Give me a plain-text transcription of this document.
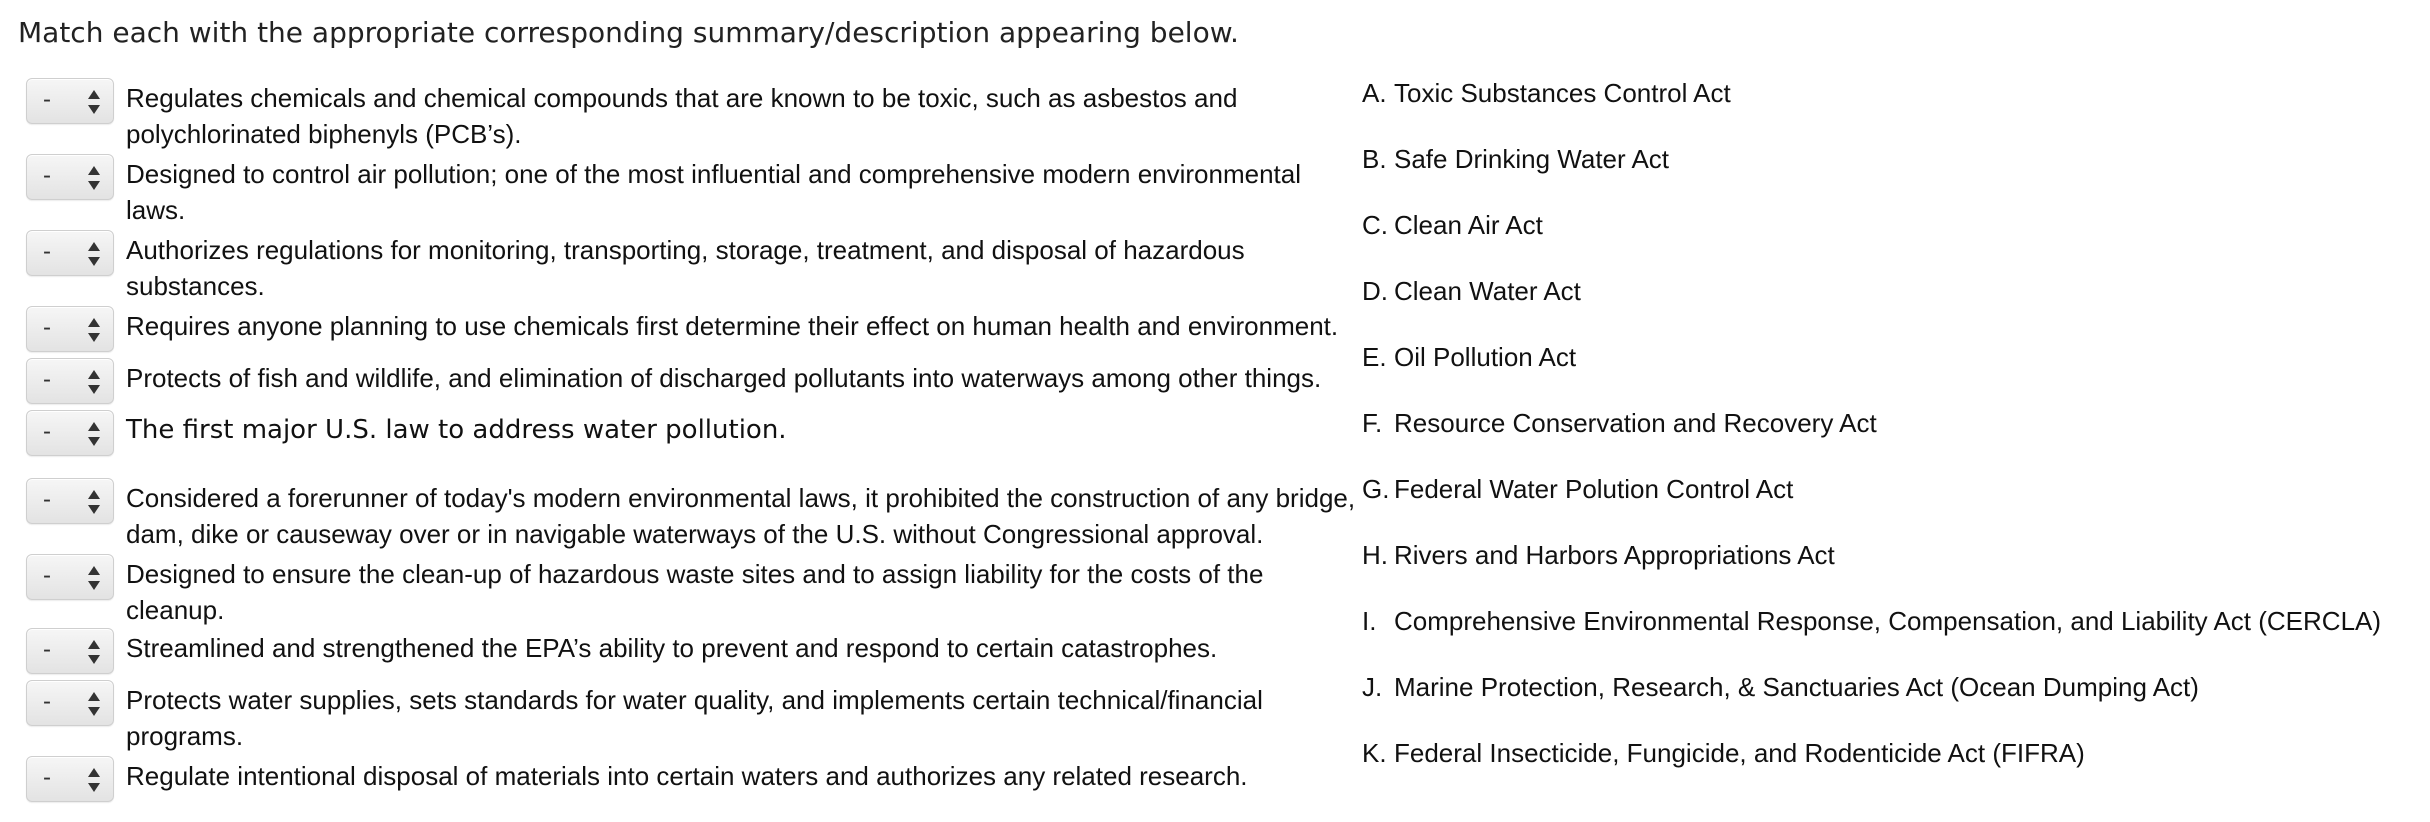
Match each with the appropriate corresponding summary/description appearing below.
-	Regulates chemicals and chemical compounds that are known to be toxic, such as asbestos and polychlorinated biphenyls (PCB’s).
-	Designed to control air pollution; one of the most influential and comprehensive modern environmental laws.
-	Authorizes regulations for monitoring, transporting, storage, treatment, and disposal of hazardous substances.
-	Requires anyone planning to use chemicals first determine their effect on human health and environment.
-	Protects of fish and wildlife, and elimination of discharged pollutants into waterways among other things.
-	The first major U.S. law to address water pollution.
-	Considered a forerunner of today's modern environmental laws, it prohibited the construction of any bridge, dam, dike or causeway over or in navigable waterways of the U.S. without Congressional approval.
-	Designed to ensure the clean-up of hazardous waste sites and to assign liability for the costs of the cleanup.
-	Streamlined and strengthened the EPA’s ability to prevent and respond to certain catastrophes.
-	Protects water supplies, sets standards for water quality, and implements certain technical/financial programs.
-	Regulate intentional disposal of materials into certain waters and authorizes any related research.
A. Toxic Substances Control Act
B. Safe Drinking Water Act
C. Clean Air Act
D. Clean Water Act
E. Oil Pollution Act
F. Resource Conservation and Recovery Act
G. Federal Water Polution Control Act
H. Rivers and Harbors Appropriations Act
I. Comprehensive Environmental Response, Compensation, and Liability Act (CERCLA)
J. Marine Protection, Research, & Sanctuaries Act (Ocean Dumping Act)
K. Federal Insecticide, Fungicide, and Rodenticide Act (FIFRA)
